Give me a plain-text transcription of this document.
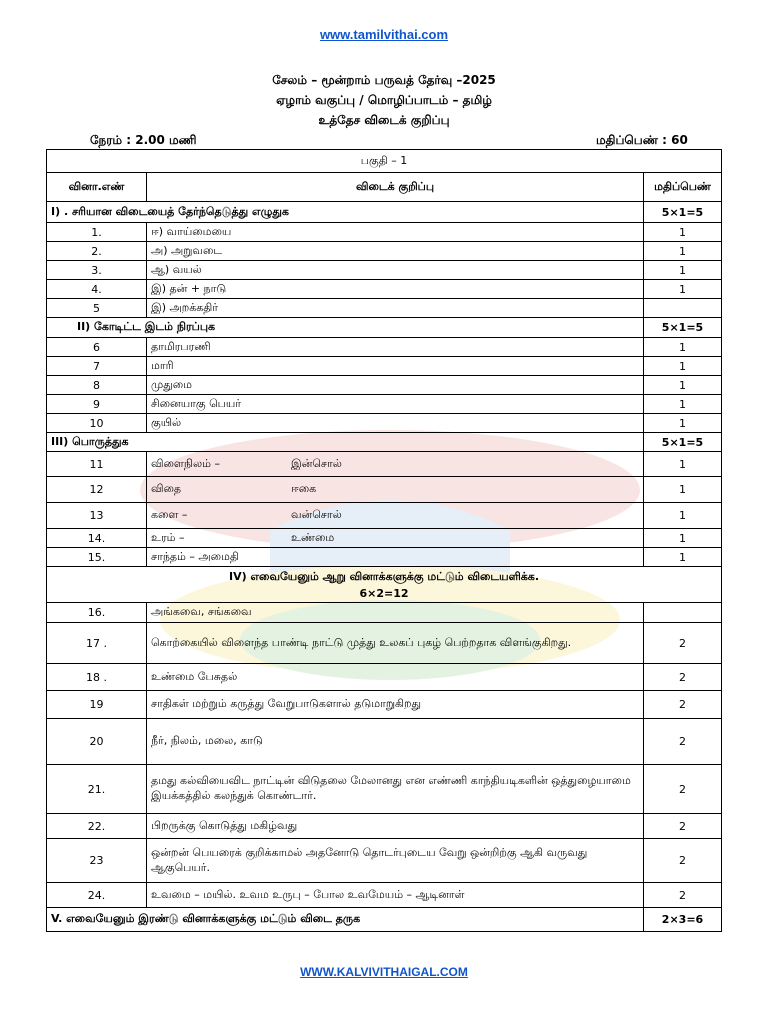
www.tamilvithai.com
சேலம் – மூன்றாம் பருவத் தேர்வு –2025
ஏழாம் வகுப்பு / மொழிப்பாடம் – தமிழ்
உத்தேச விடைக் குறிப்பு
நேரம் : 2.00 மணி	மதிப்பெண் : 60
பகுதி – 1		
வினா.எண்	விடைக் குறிப்பு	மதிப்பெண்
I) . சரியான விடையைத் தேர்ந்தெடுத்து எழுதுக		5×1=5
1.	ஈ) வாய்மையை	1
2.	அ) அறுவடை	1
3.	ஆ) வயல்	1
4.	இ) தன் + நாடு	1
5	இ) அறக்கதிர்	
II) கோடிட்ட இடம் நிரப்புக		5×1=5
6	தாமிரபரணி	1
7	மாரி	1
8	முதுமை	1
9	சினையாகு பெயர்	1
10	குயில்	1
III) பொருத்துக		5×1=5
11	விளைநிலம் – இன்சொல்	1
12	விதை ஈகை	1
13	களை – வன்சொல்	1
14.	உரம் – உண்மை	1
15.	சாந்தம் – அமைதி	1

IV) எவையேனும் ஆறு வினாக்களுக்கு மட்டும் விடையளிக்க.
6×2=12		

16.	அங்கவை, சங்கவை	
17 .	கொற்கையில் விளைந்த பாண்டி நாட்டு முத்து உலகப் புகழ் பெற்றதாக விளங்குகிறது.	2
18 .	உண்மை பேசுதல்	2
19	சாதிகள் மற்றும் கருத்து வேறுபாடுகளால் தடுமாறுகிறது	2
20	நீர், நிலம், மலை, காடு	2
21.	தமது கல்வியைவிட நாட்டின் விடுதலை மேலானது என எண்ணி காந்தியடிகளின் ஒத்துழையாமை இயக்கத்தில் கலந்துக் கொண்டார்.	2
22.	பிறருக்கு கொடுத்து மகிழ்வது	2
23	ஒன்றன் பெயரைக் குறிக்காமல் அதனோடு தொடர்புடைய வேறு ஒன்றிற்கு ஆகி வருவது ஆகுபெயர்.	2
24.	உவமை – மயில். உவம உருபு – போல உவமேயம் – ஆடினாள்	2
V. எவையேனும் இரண்டு வினாக்களுக்கு மட்டும் விடை தருக		2×3=6
WWW.KALVIVITHAIGAL.COM
